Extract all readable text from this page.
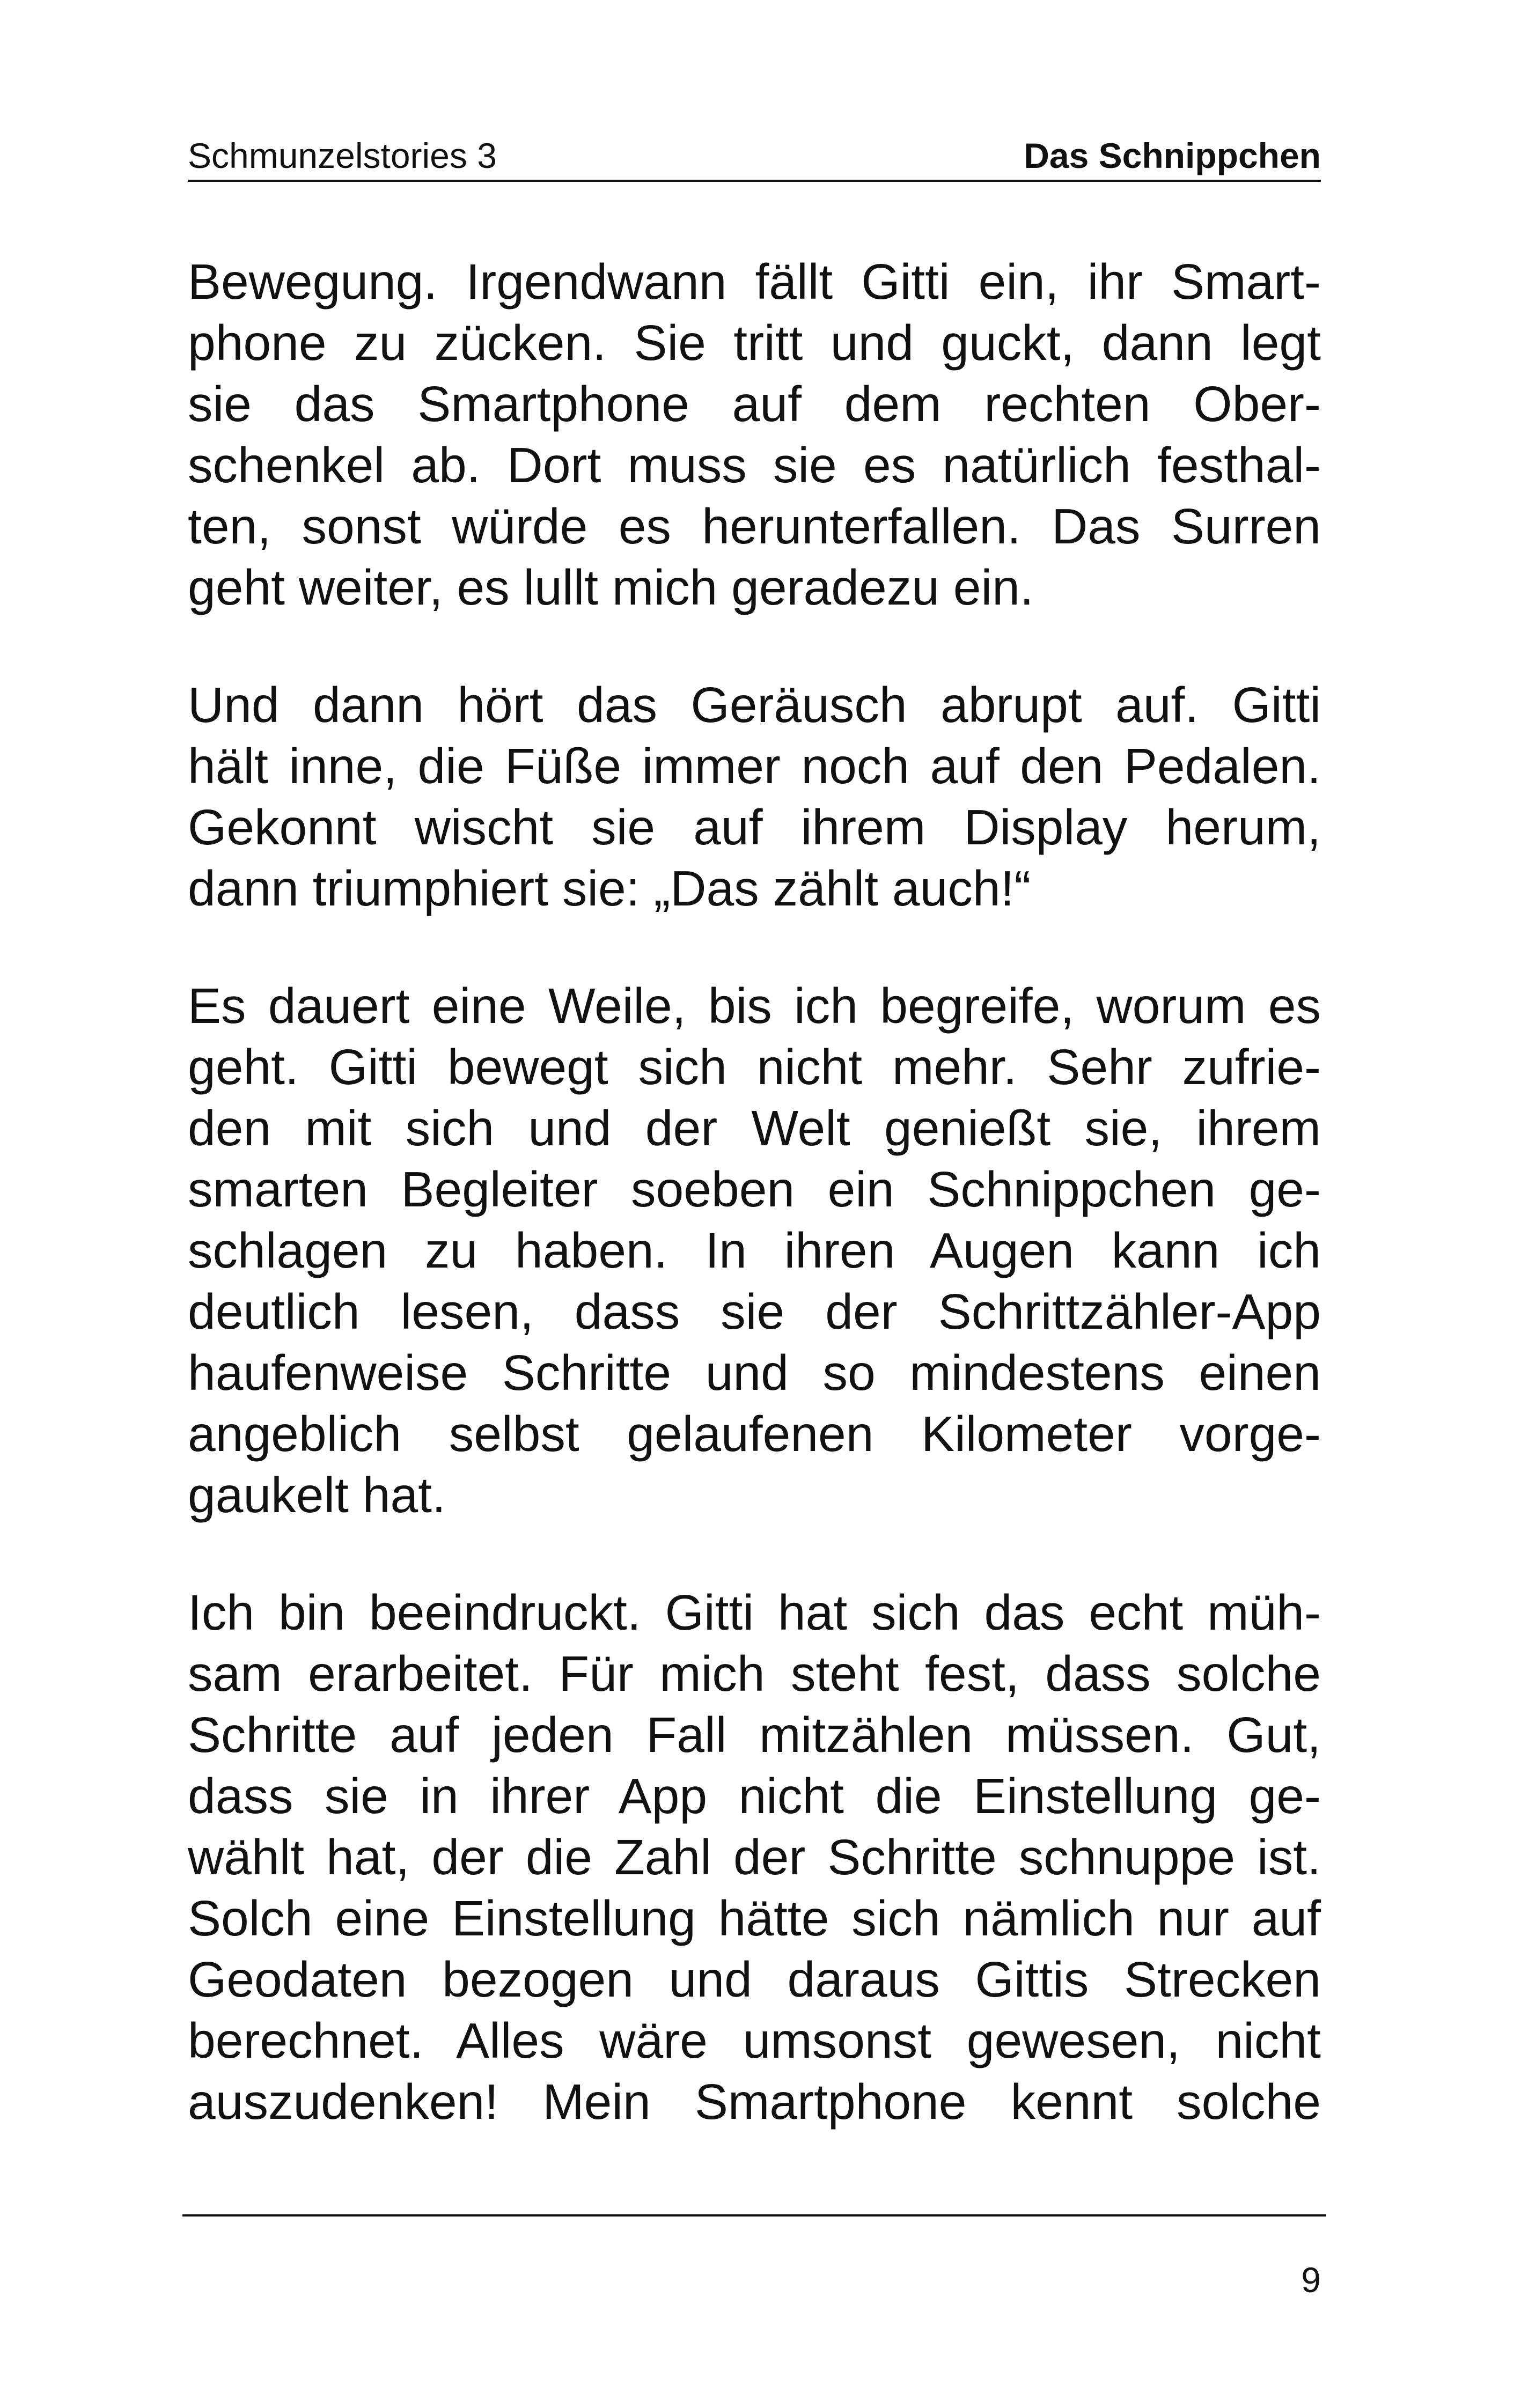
Schmunzelstories 3	Das Schnippchen
Bewegung. Irgendwann fällt Gitti ein, ihr Smart-
phone zu zücken. Sie tritt und guckt, dann legt
sie das Smartphone auf dem rechten Ober-
schenkel ab. Dort muss sie es natürlich festhal-
ten, sonst würde es herunterfallen. Das Surren
geht weiter, es lullt mich geradezu ein.
Und dann hört das Geräusch abrupt auf. Gitti
hält inne, die Füße immer noch auf den Pedalen.
Gekonnt wischt sie auf ihrem Display herum,
dann triumphiert sie: „Das zählt auch!“
Es dauert eine Weile, bis ich begreife, worum es
geht. Gitti bewegt sich nicht mehr. Sehr zufrie-
den mit sich und der Welt genießt sie, ihrem
smarten Begleiter soeben ein Schnippchen ge-
schlagen zu haben. In ihren Augen kann ich
deutlich lesen, dass sie der Schrittzähler-App
haufenweise Schritte und so mindestens einen
angeblich selbst gelaufenen Kilometer vorge-
gaukelt hat.
Ich bin beeindruckt. Gitti hat sich das echt müh-
sam erarbeitet. Für mich steht fest, dass solche
Schritte auf jeden Fall mitzählen müssen. Gut,
dass sie in ihrer App nicht die Einstellung ge-
wählt hat, der die Zahl der Schritte schnuppe ist.
Solch eine Einstellung hätte sich nämlich nur auf
Geodaten bezogen und daraus Gittis Strecken
berechnet. Alles wäre umsonst gewesen, nicht
auszudenken! Mein Smartphone kennt solche
9
